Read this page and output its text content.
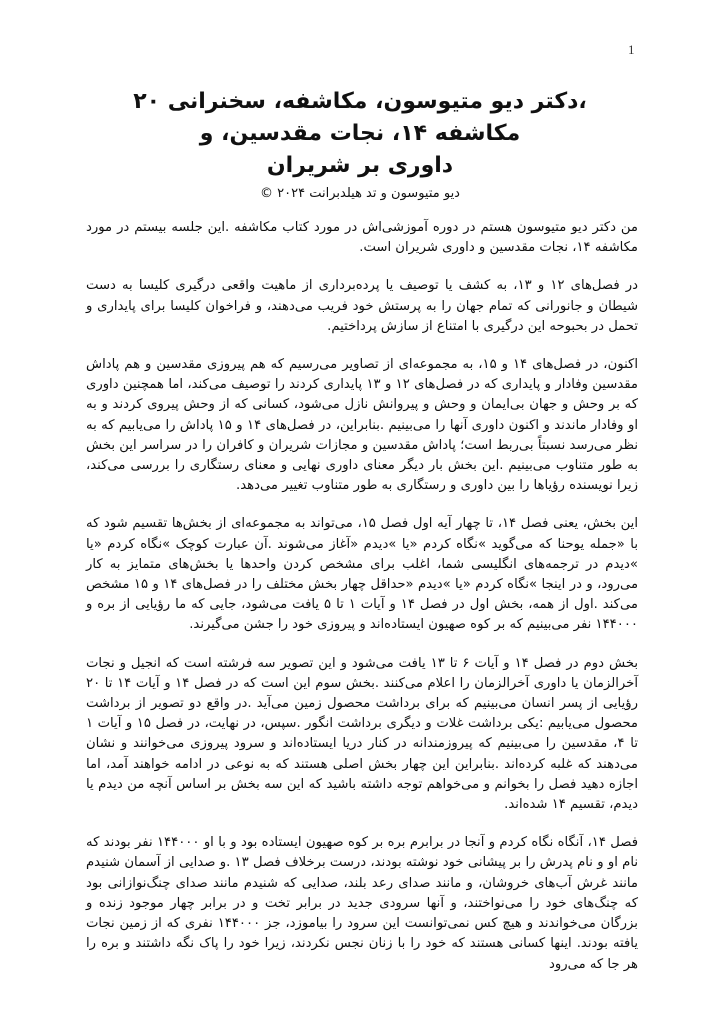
1
،دکتر دیو متیوسون، مکاشفه، سخنرانی ۲۰
مکاشفه ۱۴، نجات مقدسین، و
داوری بر شریران
دیو متیوسون و تد هیلدبرانت ۲۰۲۴ ©

من دکتر دیو متیوسون هستم در دوره آموزشی‌اش در مورد کتاب مکاشفه .این جلسه بیستم در مورد مکاشفه ۱۴، نجات مقدسین و داوری شریران است.

در فصل‌های ۱۲ و ۱۳، به کشف یا توصیف یا پرده‌برداری از ماهیت واقعی درگیری کلیسا به دست شیطان و جانورانی که تمام جهان را به پرستش خود فریب می‌دهند، و فراخوان کلیسا برای پایداری و تحمل در بحبوحه این درگیری با امتناع از سازش پرداختیم.

اکنون، در فصل‌های ۱۴ و ۱۵، به مجموعه‌ای از تصاویر می‌رسیم که هم پیروزی مقدسین و هم پاداش مقدسین وفادار و پایداری که در فصل‌های ۱۲ و ۱۳ پایداری کردند را توصیف می‌کند، اما همچنین داوری که بر وحش و جهان بی‌ایمان و وحش و پیروانش نازل می‌شود، کسانی که از وحش پیروی کردند و به او وفادار ماندند و اکنون داوری آنها را می‌بینیم .بنابراین، در فصل‌های ۱۴ و ۱۵ پاداش را می‌یابیم که به نظر می‌رسد نسبتاً بی‌ربط است؛ پاداش مقدسین و مجازات شریران و کافران را در سراسر این بخش به طور متناوب می‌بینیم .این بخش بار دیگر معنای داوری نهایی و معنای رستگاری را بررسی می‌کند، زیرا نویسنده رؤیاها را بین داوری و رستگاری به طور متناوب تغییر می‌دهد.

این بخش، یعنی فصل ۱۴، تا چهار آیه اول فصل ۱۵، می‌تواند به مجموعه‌ای از بخش‌ها تقسیم شود که با «جمله یوحنا که می‌گوید »نگاه کردم «یا »دیدم «آغاز می‌شوند .آن عبارت کوچک »نگاه کردم «یا »دیدم در ترجمه‌های انگلیسی شما، اغلب برای مشخص کردن واحدها یا بخش‌های متمایز به کار می‌رود، و در اینجا »نگاه کردم «یا »دیدم «حداقل چهار بخش مختلف را در فصل‌های ۱۴ و ۱۵ مشخص می‌کند .اول از همه، بخش اول در فصل ۱۴ و آیات ۱ تا ۵ یافت می‌شود، جایی که ما رؤیایی از بره و ۱۴۴۰۰۰ نفر می‌بینیم که بر کوه صهیون ایستاده‌اند و پیروزی خود را جشن می‌گیرند.

بخش دوم در فصل ۱۴ و آیات ۶ تا ۱۳ یافت می‌شود و این تصویر سه فرشته است که انجیل و نجات آخرالزمان یا داوری آخرالزمان را اعلام می‌کنند .بخش سوم این است که در فصل ۱۴ و آیات ۱۴ تا ۲۰ رؤیایی از پسر انسان می‌بینیم که برای برداشت محصول زمین می‌آید .در واقع دو تصویر از برداشت محصول می‌یابیم :یکی برداشت غلات و دیگری برداشت انگور .سپس، در نهایت، در فصل ۱۵ و آیات ۱ تا ۴، مقدسین را می‌بینیم که پیروزمندانه در کنار دریا ایستاده‌اند و سرود پیروزی می‌خوانند و نشان می‌دهند که غلبه کرده‌اند .بنابراین این چهار بخش اصلی هستند که به نوعی در ادامه خواهند آمد، اما اجازه دهید فصل را بخوانم و می‌خواهم توجه داشته باشید که این سه بخش بر اساس آنچه من دیدم یا دیدم، تقسیم ۱۴ شده‌اند.

فصل ۱۴، آنگاه نگاه کردم و آنجا در برابرم بره بر کوه صهیون ایستاده بود و با او ۱۴۴۰۰۰ نفر بودند که نام او و نام پدرش را بر پیشانی خود نوشته بودند، درست برخلاف فصل ۱۳ .و صدایی از آسمان شنیدم مانند غرش آب‌های خروشان، و مانند صدای رعد بلند، صدایی که شنیدم مانند صدای چنگ‌نوازانی بود که چنگ‌های خود را می‌نواختند، و آنها سرودی جدید در برابر تخت و در برابر چهار موجود زنده و بزرگان می‌خواندند و هیچ کس نمی‌توانست این سرود را بیاموزد، جز ۱۴۴۰۰۰ نفری که از زمین نجات یافته بودند. اینها کسانی هستند که خود را با زنان نجس نکردند، زیرا خود را پاک نگه داشتند و بره را هر جا که می‌رود
